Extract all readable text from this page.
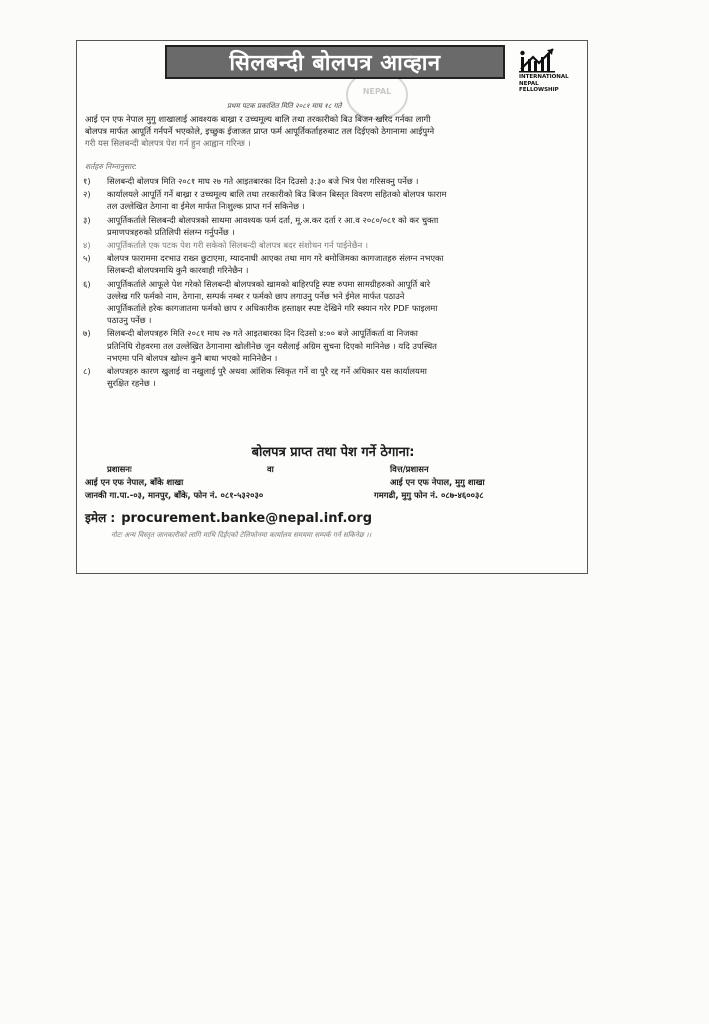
NEPAL
सिलबन्दी बोलपत्र आव्हान
INTERNATIONAL
NEPAL
FELLOWSHIP
प्रथम पटक प्रकाशित मिति २०८१ माघ १८ गते
आई एन एफ नेपाल मुगु शाखालाई आवश्यक बाख्रा र उच्चमूल्य बालि तथा तरकारीको बिउ बिजन खरिद गर्नका लागी
बोलपत्र मार्फत आपूर्ति गर्नपर्ने भएकोले, इच्छुक ईजाजत प्राप्त फर्म आपूर्तिकर्ताहरुबाट तल दिईएको ठेगानामा आईपुग्ने
गरी यस सिलबन्दी बोलपत्र पेश गर्न हुन आह्वान गरिन्छ ।
शर्तहरु निम्नानुसार:
१)	सिलबन्दी बोलपत्र मिति २०८१ माघ २७ गते आइतबारका दिन दिउसो ३:३० बजे भित्र पेश गरिसक्नु पर्नेछ ।
२)	कार्यालयले आपूर्ति गर्ने बाख्रा र उच्चमूल्य बालि तथा तरकारीको बिउ बिजन बिस्तृत विवरण सहितको बोलपत्र फाराम
तल उल्लेखित ठेगाना वा ईमेल मार्फत निःशुल्क प्राप्त गर्न सकिनेछ ।
३)	आपूर्तिकर्ताले सिलबन्दी बोलपत्रको साथमा आवश्यक फर्म दर्ता, मू.अ.कर दर्ता र आ.व २०८०/०८१ को कर चुक्ता
प्रमाणपत्रहरुको प्रतिलिपी संलग्न गर्नुपर्नेछ ।
४)	आपूर्तिकर्ताले एक पटक पेश गरी सकेको सिलबन्दी बोलपत्र बदर संशोधन गर्न पाईनेछैन ।
५)	बोलपत्र फाराममा दरभाउ राख्न छुटाएमा, म्यादनाघी आएका तथा माग गरे बमोजिमका कागजातहरु संलग्न नभएका
सिलबन्दी बोलपत्रमाथि कुनै कारवाही गरिनेछैन ।
६)	आपूर्तिकर्ताले आफूले पेश गरेको सिलबन्दी बोलपत्रको खामको बाहिरपट्टि स्पष्ट रुपमा सामग्रीहरुको आपूर्ति बारे
उल्लेख गरि फर्मको नाम, ठेगाना, सम्पर्क नम्बर र फर्मको छाप लगाउनु पर्नेछ भने ईमेल मार्फत पठाउने
आपूर्तिकर्ताले हरेक कागजातमा फर्मको छाप र अधिकारीक हस्ताक्षर स्पष्ट देखिने गरि स्क्यान गरेर PDF फाइलमा
पठाउनु पर्नेछ ।
७)	सिलबन्दी बोलपत्रहरु मिति २०८१ माघ २७ गते आइतबारका दिन दिउसो ४:०० बजे आपूर्तिकर्ता वा निजका
प्रतिनिधि रोहवरमा तल उल्लेखित ठेगानामा खोलीनेछ जुन यसैलाई अग्रिम सुचना दिएको मानिनेछ । यदि उपस्थित
नभएमा पनि बोलपत्र खोल्न कुनै बाधा भएको मानिनेछैन ।
८)	बोलपत्रहरु कारण खुलाई वा नखुलाई पुरै अथवा आंशिक स्विकृत गर्ने वा पुरै रद्द गर्ने अधिकार यस कार्यालयमा
सुरक्षित रहनेछ ।
बोलपत्र प्राप्त तथा पेश गर्ने ठेगाना:
प्रशासनः	वा	वित्त/प्रशासन
आई एन एफ नेपाल, बाँके शाखा	आई एन एफ नेपाल, मुगु शाखा
जानकी गा.पा.-०३, मानपुर, बाँके, फोन नं. ०८१-५३२०३०	गमगढी, मुगु फोन नं. ०८७-४६००३८
इमेल : procurement.banke@nepal.inf.org
नोटः अन्य विस्तृत जानकारीको लागि माथि दिईएको टेलिफोनमा कार्यालय समयमा सम्पर्क गर्न सकिनेछ ।।
